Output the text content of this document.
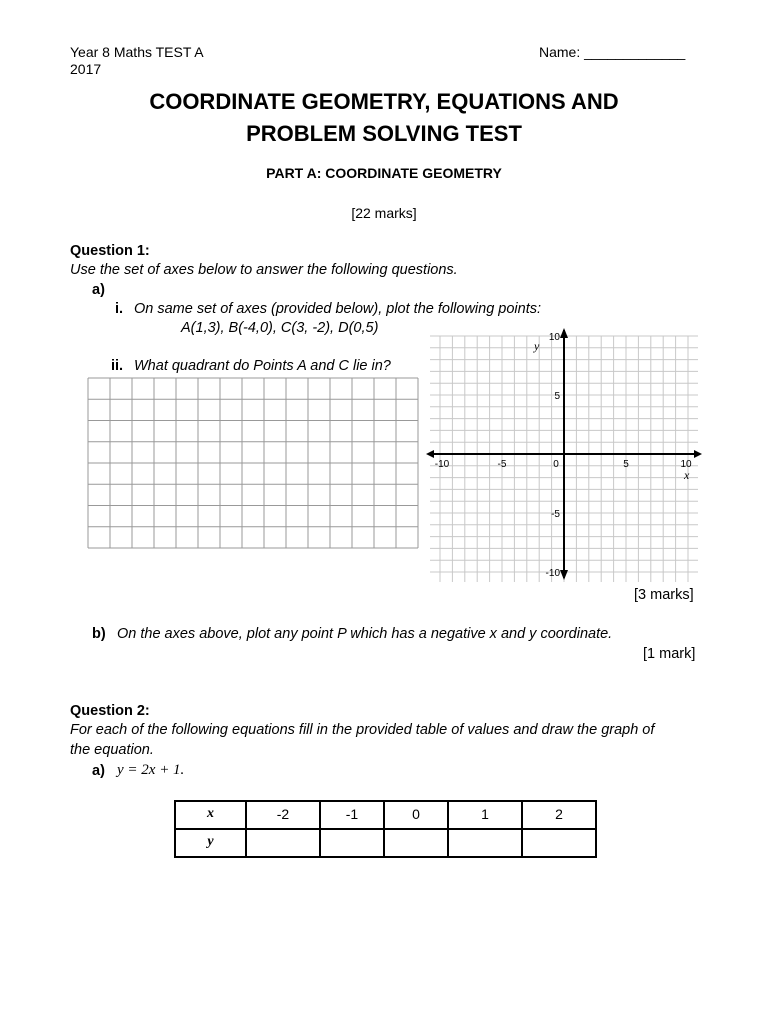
Year 8 Maths TEST A
2017
Name: _____________
COORDINATE GEOMETRY, EQUATIONS AND
PROBLEM SOLVING TEST
PART A: COORDINATE GEOMETRY
[22 marks]
Question 1:
Use the set of axes below to answer the following questions.
a)
i. On same set of axes (provided below), plot the following points:
A(1,3), B(-4,0), C(3, -2), D(0,5)
ii. What quadrant do Points A and C lie in?
-10	-5	0	5	10
10
5
-5
-10
x
y
[3 marks]
b) On the axes above, plot any point P which has a negative x and y coordinate.
[1 mark]
Question 2:
For each of the following equations fill in the provided table of values and draw the graph of
the equation.
a) y = 2x + 1.
x	-2	-1	0	1	2
y					
